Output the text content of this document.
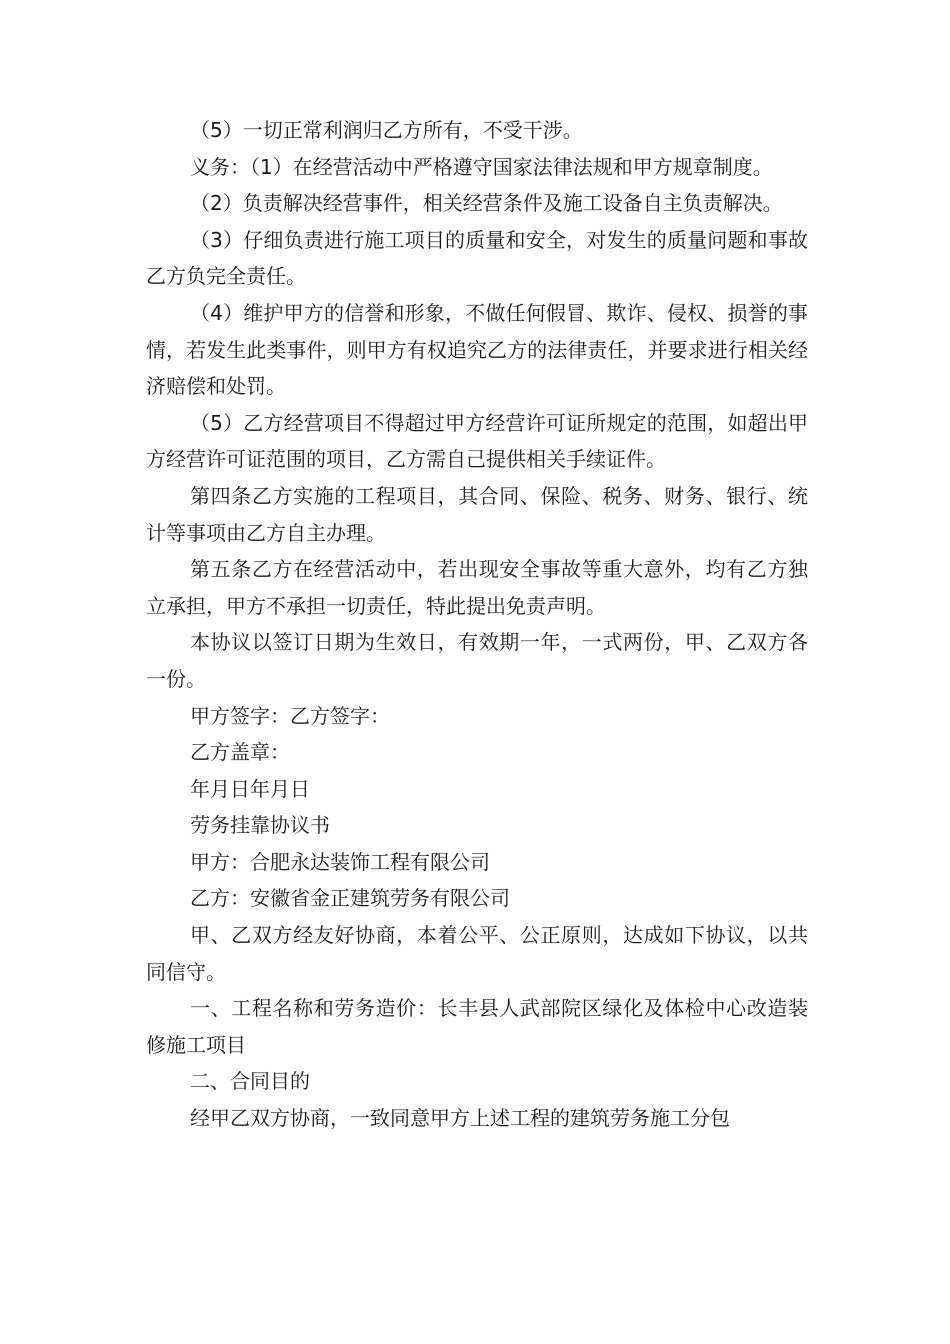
（5）一切正常利润归乙方所有，不受干涉。

义务：（1）在经营活动中严格遵守国家法律法规和甲方规章制度。

（2）负责解决经营事件，相关经营条件及施工设备自主负责解决。

（3）仔细负责进行施工项目的质量和安全，对发生的质量问题和事故乙方负完全责任。

（4）维护甲方的信誉和形象，不做任何假冒、欺诈、侵权、损誉的事情，若发生此类事件，则甲方有权追究乙方的法律责任，并要求进行相关经济赔偿和处罚。

（5）乙方经营项目不得超过甲方经营许可证所规定的范围，如超出甲方经营许可证范围的项目，乙方需自己提供相关手续证件。

第四条乙方实施的工程项目，其合同、保险、税务、财务、银行、统计等事项由乙方自主办理。

第五条乙方在经营活动中，若出现安全事故等重大意外，均有乙方独立承担，甲方不承担一切责任，特此提出免责声明。

本协议以签订日期为生效日，有效期一年，一式两份，甲、乙双方各一份。

甲方签字：乙方签字：

乙方盖章：

年月日年月日

劳务挂靠协议书

甲方：合肥永达装饰工程有限公司

乙方：安徽省金正建筑劳务有限公司

甲、乙双方经友好协商，本着公平、公正原则，达成如下协议，以共同信守。

一、工程名称和劳务造价：长丰县人武部院区绿化及体检中心改造装修施工项目

二、合同目的

经甲乙双方协商，一致同意甲方上述工程的建筑劳务施工分包
